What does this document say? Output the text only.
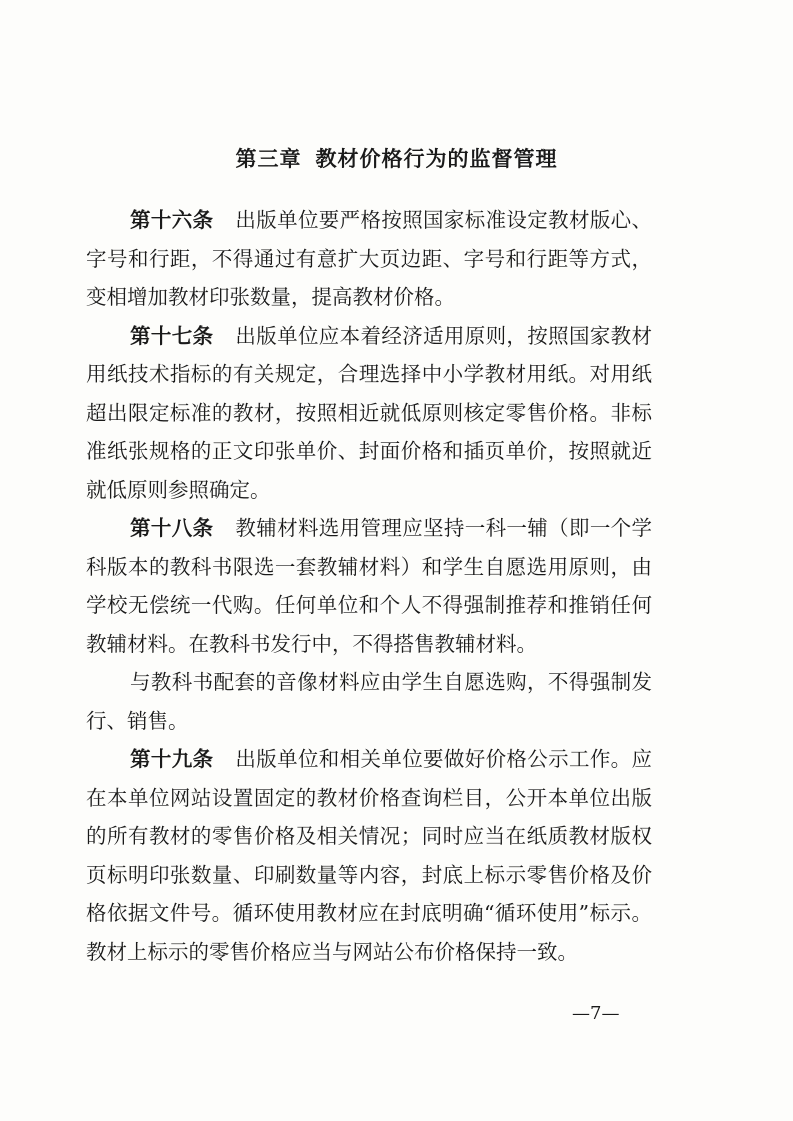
第三章 教材价格行为的监督管理

第十六条 出版单位要严格按照国家标准设定教材版心、字号和行距，不得通过有意扩大页边距、字号和行距等方式，变相增加教材印张数量，提高教材价格。

第十七条 出版单位应本着经济适用原则，按照国家教材用纸技术指标的有关规定，合理选择中小学教材用纸。对用纸超出限定标准的教材，按照相近就低原则核定零售价格。非标准纸张规格的正文印张单价、封面价格和插页单价，按照就近就低原则参照确定。

第十八条 教辅材料选用管理应坚持一科一辅（即一个学科版本的教科书限选一套教辅材料）和学生自愿选用原则，由学校无偿统一代购。任何单位和个人不得强制推荐和推销任何教辅材料。在教科书发行中，不得搭售教辅材料。

与教科书配套的音像材料应由学生自愿选购，不得强制发行、销售。

第十九条 出版单位和相关单位要做好价格公示工作。应在本单位网站设置固定的教材价格查询栏目，公开本单位出版的所有教材的零售价格及相关情况；同时应当在纸质教材版权页标明印张数量、印刷数量等内容，封底上标示零售价格及价格依据文件号。循环使用教材应在封底明确“循环使用”标示。教材上标示的零售价格应当与网站公布价格保持一致。

—7—
